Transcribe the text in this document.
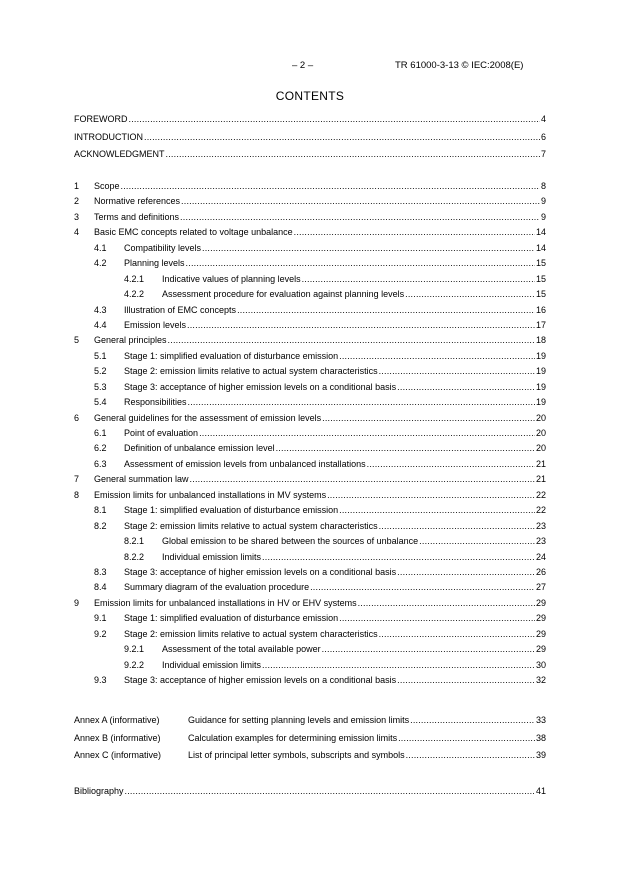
– 2 –	TR 61000-3-13 © IEC:2008(E)
CONTENTS
FOREWORD .....	4
INTRODUCTION .....	6
ACKNOWLEDGMENT .....	7
1	Scope .....	8
2	Normative references .....	9
3	Terms and definitions .....	9
4	Basic EMC concepts related to voltage unbalance .....	14
4.1	Compatibility levels .....	14
4.2	Planning levels .....	15
4.2.1	Indicative values of planning levels .....	15
4.2.2	Assessment procedure for evaluation against planning levels .....	15
4.3	Illustration of EMC concepts .....	16
4.4	Emission levels .....	17
5	General principles .....	18
5.1	Stage 1: simplified evaluation of disturbance emission .....	19
5.2	Stage 2: emission limits relative to actual system characteristics .....	19
5.3	Stage 3: acceptance of higher emission levels on a conditional basis .....	19
5.4	Responsibilities .....	19
6	General guidelines for the assessment of emission levels .....	20
6.1	Point of evaluation .....	20
6.2	Definition of unbalance emission level .....	20
6.3	Assessment of emission levels from unbalanced installations .....	21
7	General summation law .....	21
8	Emission limits for unbalanced installations in MV systems .....	22
8.1	Stage 1: simplified evaluation of disturbance emission .....	22
8.2	Stage 2: emission limits relative to actual system characteristics .....	23
8.2.1	Global emission to be shared between the sources of unbalance .....	23
8.2.2	Individual emission limits .....	24
8.3	Stage 3: acceptance of higher emission levels on a conditional basis .....	26
8.4	Summary diagram of the evaluation procedure .....	27
9	Emission limits for unbalanced installations in HV or EHV systems .....	29
9.1	Stage 1: simplified evaluation of disturbance emission .....	29
9.2	Stage 2: emission limits relative to actual system characteristics .....	29
9.2.1	Assessment of the total available power .....	29
9.2.2	Individual emission limits .....	30
9.3	Stage 3: acceptance of higher emission levels on a conditional basis .....	32
Annex A (informative)	Guidance for setting planning levels and emission limits .....	33
Annex B (informative)	Calculation examples for determining emission limits .....	38
Annex C (informative)	List of principal letter symbols, subscripts and symbols .....	39
Bibliography .....	41
